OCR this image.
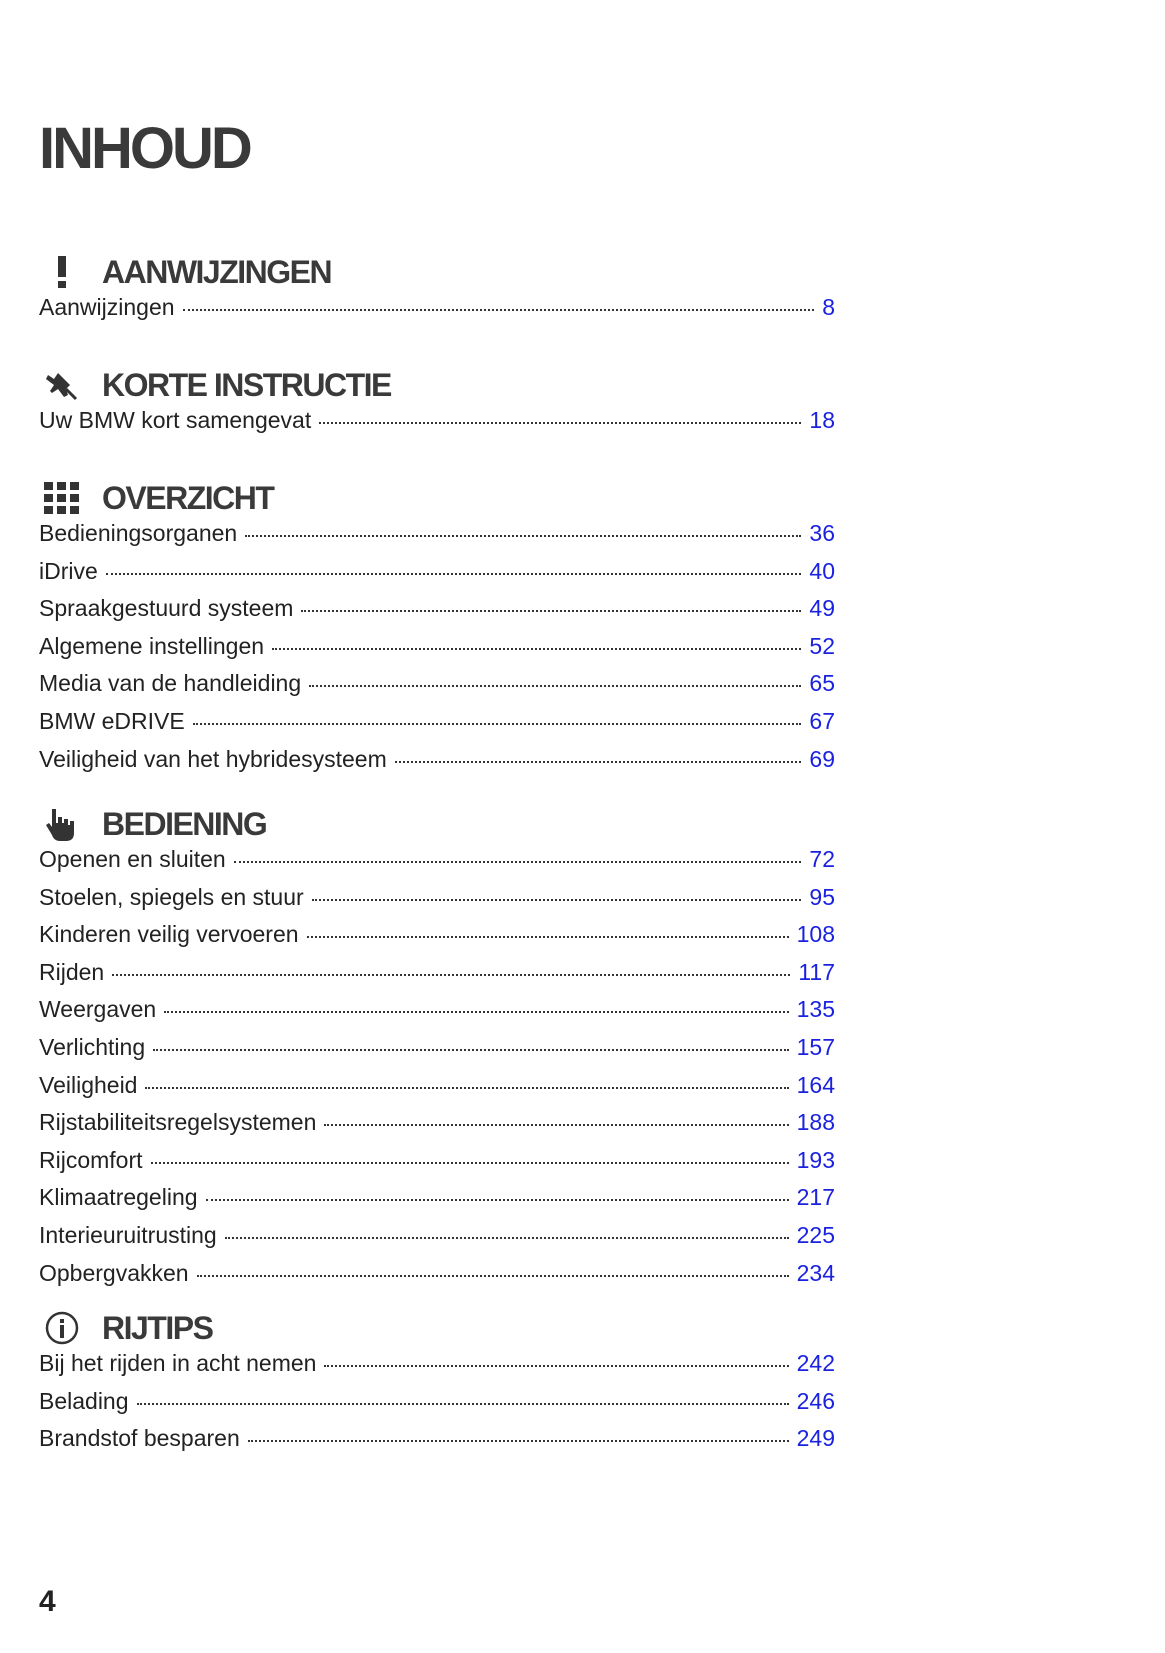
INHOUD
AANWIJZINGEN
Aanwijzingen	8
KORTE INSTRUCTIE
Uw BMW kort samengevat	18
OVERZICHT
Bedieningsorganen	36
iDrive	40
Spraakgestuurd systeem	49
Algemene instellingen	52
Media van de handleiding	65
BMW eDRIVE	67
Veiligheid van het hybridesysteem	69
BEDIENING
Openen en sluiten	72
Stoelen, spiegels en stuur	95
Kinderen veilig vervoeren	108
Rijden	117
Weergaven	135
Verlichting	157
Veiligheid	164
Rijstabiliteitsregelsystemen	188
Rijcomfort	193
Klimaatregeling	217
Interieuruitrusting	225
Opbergvakken	234
RIJTIPS
Bij het rijden in acht nemen	242
Belading	246
Brandstof besparen	249

4
